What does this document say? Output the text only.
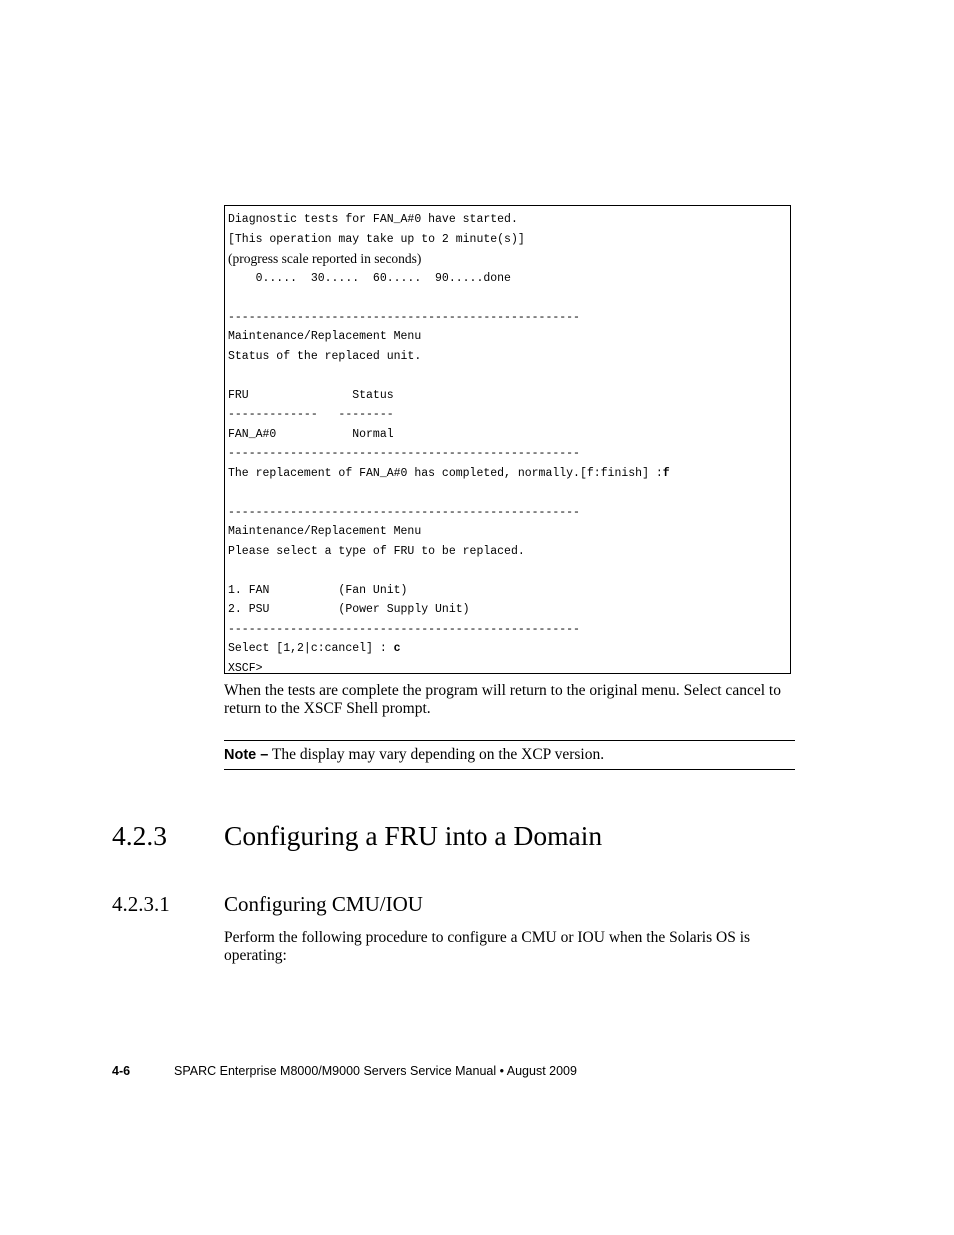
Diagnostic tests for FAN_A#0 have started.
[This operation may take up to 2 minute(s)]
(progress scale reported in seconds)
0.....  30.....  60.....  90.....done
---------------------------------------------------
Maintenance/Replacement Menu
Status of the replaced unit.
FRU               Status
-------------   --------
FAN_A#0           Normal
---------------------------------------------------
The replacement of FAN_A#0 has completed, normally.[f:finish] :f
---------------------------------------------------
Maintenance/Replacement Menu
Please select a type of FRU to be replaced.
1. FAN          (Fan Unit)
2. PSU          (Power Supply Unit)
---------------------------------------------------
Select [1,2|c:cancel] : c
XSCF>
When the tests are complete the program will return to the original menu. Select cancel to return to the XSCF Shell prompt.
Note – The display may vary depending on the XCP version.
4.2.3 Configuring a FRU into a Domain
4.2.3.1	Configuring CMU/IOU
Perform the following procedure to configure a CMU or IOU when the Solaris OS is operating:
4-6	SPARC Enterprise M8000/M9000 Servers Service Manual • August 2009
